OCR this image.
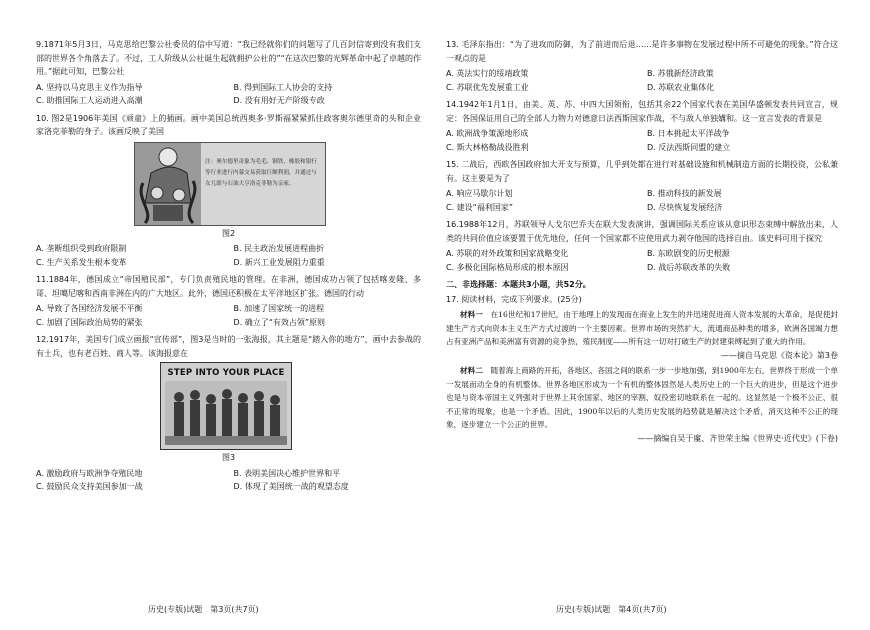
9.1871年5月3日，马克思给巴黎公社委员的信中写道：“我已经就你们的问题写了几百封信寄到没有我们支部的世界各个角落去了。不过，工人阶级从公社诞生起就拥护公社的”“在这次巴黎的光辉革命中起了卓越的作用。”据此可知，巴黎公社

A. 坚持以马克思主义作为指导	B. 得到国际工人协会的支持
C. 助推国际工人运动进入高潮	D. 没有用好无产阶级专政

10. 图2是1906年美国《顽童》上的插画。画中美国总统西奥多·罗斯福紧紧抓住政客奥尔德里奇的头和企业家洛克菲勒的身子。该画反映了美国

注：奥尔德里奇象为毛毛、钢铁、橡胶和银行等行业进行内幕交易获取巨额利润，并通过与女儿联与石油大亨洛克菲勒为亲家。
图2
A. 垄断组织受到政府限制	B. 民主政治发展进程曲折
C. 生产关系发生根本变革	D. 新兴工业发展阻力重重

11.1884年，德国成立“帝国殖民部”，专门负责殖民地的管理。在非洲，德国成功占领了包括喀麦隆、多哥、坦噶尼喀和西南非洲在内的广大地区。此外，德国还积极在太平洋地区扩张。德国的行动

A. 导致了各国经济发展不平衡	B. 加速了国家统一的进程
C. 加剧了国际政治局势的紧张	D. 确立了“有效占领”原则

12.1917年，美国专门成立画报“宣传部”，图3是当时的一张海报，其主题是“踏入你的地方”，画中去参战的有士兵，也有老百姓、商人等。该海报意在

STEP INTO YOUR PLACE
图3
A. 激励政府与欧洲争夺殖民地	B. 表明美国决心维护世界和平
C. 鼓励民众支持美国参加一战	D. 体现了美国统一战的观望态度
历史(专版)试题　第3页(共7页)

13. 毛泽东指出：“为了进攻而防御，为了前进而后退……是许多事物在发展过程中所不可避免的现象。”符合这一观点的是

A. 英法实行的绥靖政策	B. 苏俄新经济政策
C. 苏联优先发展重工业	D. 苏联农业集体化

14.1942年1月1日，由美、英、苏、中四大国领衔，包括其余22个国家代表在美国华盛顿发表共同宣言，规定：各国保证用自己的全部人力物力对德意日法西斯国家作战，不与敌人单独媾和。这一宣言发表的背景是

A. 欧洲战争策源地形成	B. 日本挑起太平洋战争
C. 斯大林格勒战役胜利	D. 反法西斯同盟的建立

15. 二战后，西欧各国政府加大开支与预算，几乎到处都在进行对基础设施和机械制造方面的长期投资，公私兼有。这主要是为了

A. 响应马歇尔计划	B. 推动科技的新发展
C. 建设“福利国家”	D. 尽快恢复发展经济

16.1988年12月，苏联领导人戈尔巴乔夫在联大发表演讲，强调国际关系应该从意识形态束缚中解放出来，人类的共同价值应该要置于优先地位，任何一个国家都不应使用武力剥夺他国的选择自由。该史料可用于探究

A. 苏联的对外政策和国家战略变化	B. 东欧剧变的历史根源
C. 多极化国际格局形成的根本原因	D. 战后苏联改革的失败
二、非选择题：本题共3小题，共52分。

17. 阅读材料，完成下列要求。(25分)

材料一　 在16世纪和17世纪，由于地理上的发现而在商业上发生的并迅速促进商人资本发展的大革命，是促使封建生产方式向资本主义生产方式过渡的一个主要因素。世界市场的突然扩大，流通商品种类的增多，欧洲各国竭力想占有亚洲产品和美洲富有资源的竞争热，殖民制度——所有这一切对打破生产的封建束缚起到了重大的作用。

——摘自马克思《资本论》第3卷

材料二　 随着海上商路的开拓，各地区、各国之间的联系一步一步地加强，到1900年左右，世界终于形成一个单一发展而动全身的有机整体。世界各地区形成为一个有机的整体固然是人类历史上的一个巨大的进步，但是这个进步也是与资本帝国主义列强对于世界上其余国家、地区的宰割、奴役密切地联系在一起的。这显然是一个极不公正、很不正常的现象，也是一个矛盾。因此，1900年以后的人类历史发展的趋势就是解决这个矛盾，消灭这种不公正的现象，逐步建立一个公正的世界。

——摘编自吴于廑、齐世荣主编《世界史·近代史》(下卷)
历史(专版)试题　第4页(共7页)
